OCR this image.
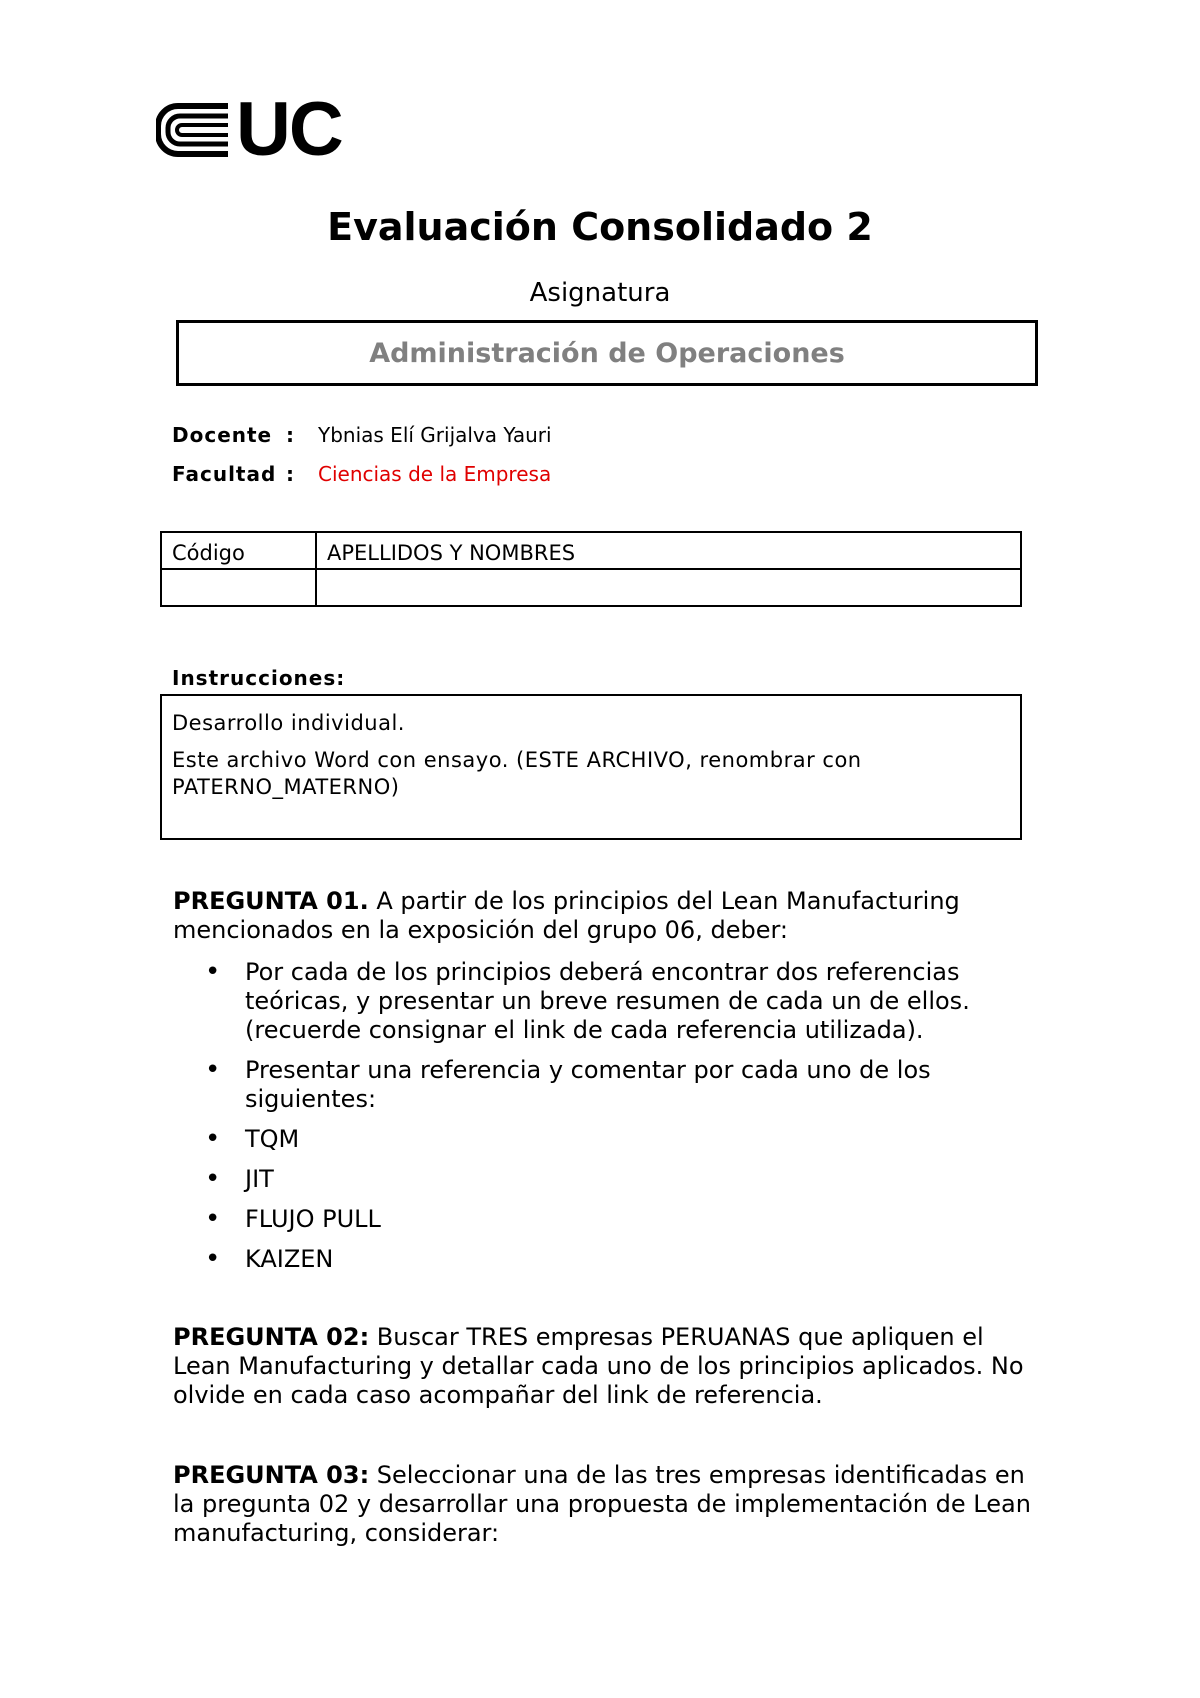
UC
Evaluación Consolidado 2
Asignatura
Administración de Operaciones
Docente : Ybnias Elí Grijalva Yauri
Facultad : Ciencias de la Empresa
Código	APELLIDOS Y NOMBRES

Instrucciones:

Desarrollo individual.

Este archivo Word con ensayo. (ESTE ARCHIVO, renombrar con PATERNO_MATERNO)

PREGUNTA 01. A partir de los principios del Lean Manufacturing mencionados en la exposición del grupo 06, deber:
• Por cada de los principios deberá encontrar dos referencias teóricas, y presentar un breve resumen de cada un de ellos. (recuerde consignar el link de cada referencia utilizada).
• Presentar una referencia y comentar por cada uno de los siguientes:
• TQM
• JIT
• FLUJO PULL
• KAIZEN
PREGUNTA 02: Buscar TRES empresas PERUANAS que apliquen el Lean Manufacturing y detallar cada uno de los principios aplicados. No olvide en cada caso acompañar del link de referencia.
PREGUNTA 03: Seleccionar una de las tres empresas identificadas en la pregunta 02 y desarrollar una propuesta de implementación de Lean manufacturing, considerar:
